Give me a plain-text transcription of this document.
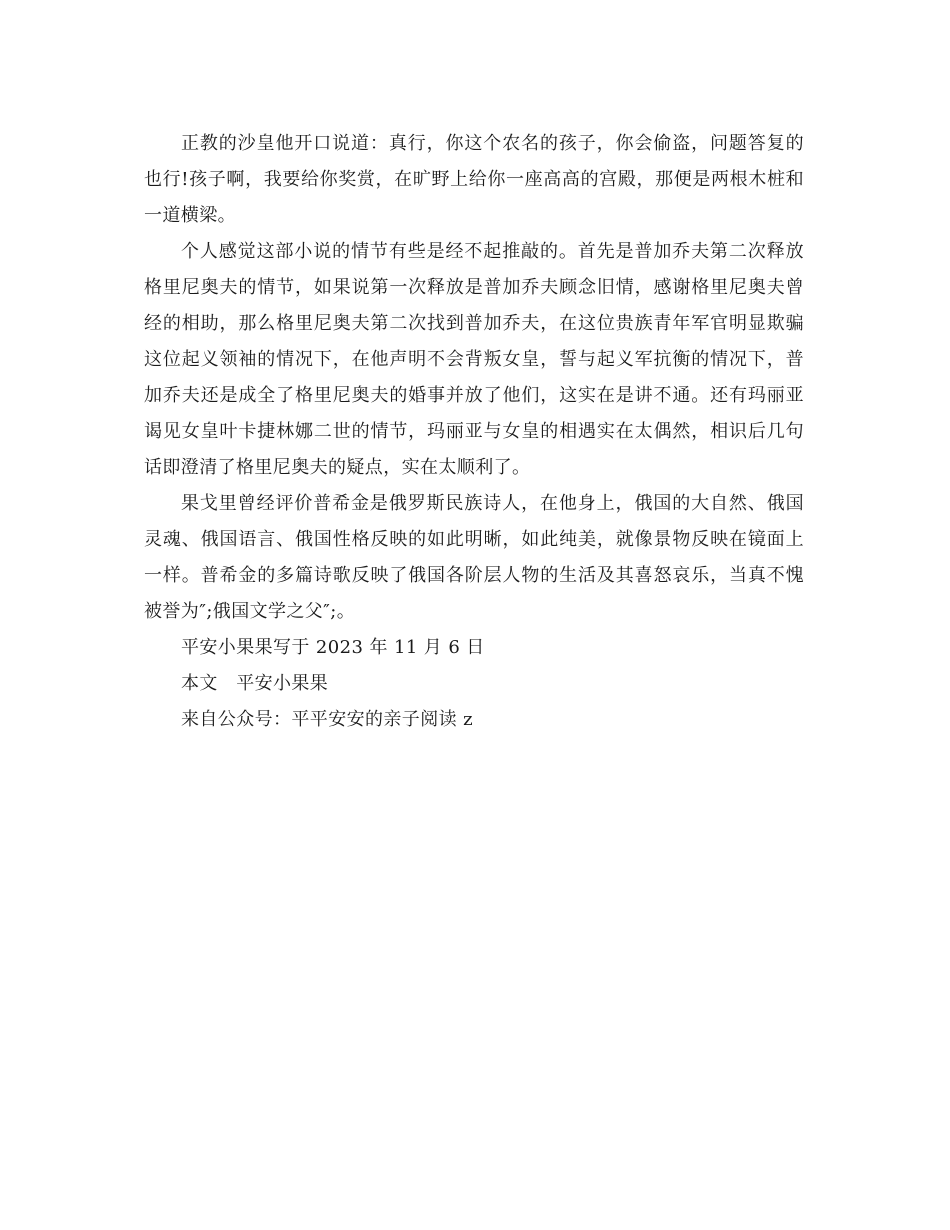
正教的沙皇他开口说道：真行，你这个农名的孩子，你会偷盗，问题答复的也行!孩子啊，我要给你奖赏，在旷野上给你一座高高的宫殿，那便是两根木桩和一道横梁。

个人感觉这部小说的情节有些是经不起推敲的。首先是普加乔夫第二次释放格里尼奥夫的情节，如果说第一次释放是普加乔夫顾念旧情，感谢格里尼奥夫曾经的相助，那么格里尼奥夫第二次找到普加乔夫，在这位贵族青年军官明显欺骗这位起义领袖的情况下，在他声明不会背叛女皇，誓与起义军抗衡的情况下，普加乔夫还是成全了格里尼奥夫的婚事并放了他们，这实在是讲不通。还有玛丽亚谒见女皇叶卡捷林娜二世的情节，玛丽亚与女皇的相遇实在太偶然，相识后几句话即澄清了格里尼奥夫的疑点，实在太顺利了。

果戈里曾经评价普希金是俄罗斯民族诗人，在他身上，俄国的大自然、俄国灵魂、俄国语言、俄国性格反映的如此明晰，如此纯美，就像景物反映在镜面上一样。普希金的多篇诗歌反映了俄国各阶层人物的生活及其喜怒哀乐，当真不愧被誉为″;俄国文学之父″;。

平安小果果写于 2023 年 11 月 6 日

本文　平安小果果

来自公众号：平平安安的亲子阅读 z
